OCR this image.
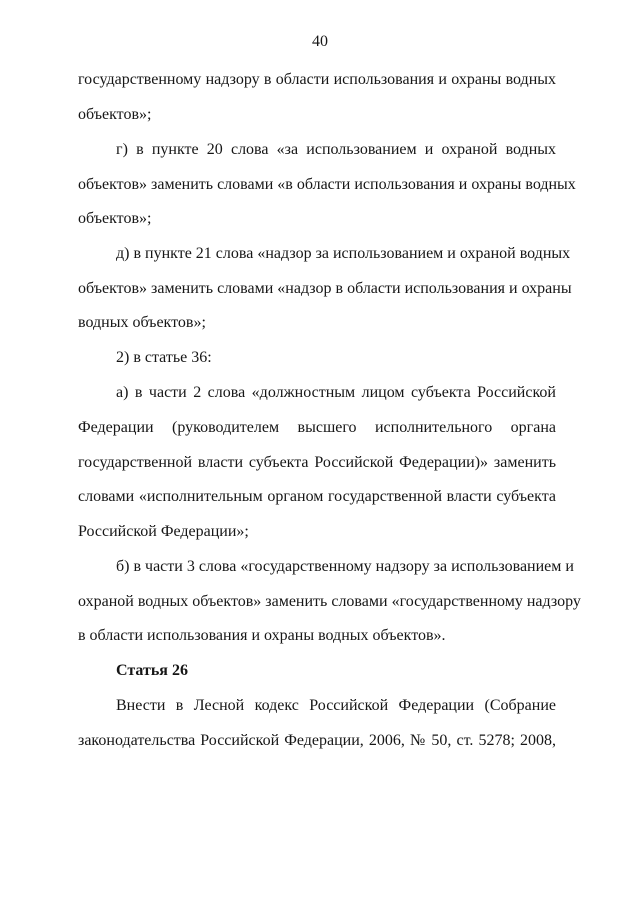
40
государственному надзору в области использования и охраны водных
объектов»;
г) в пункте 20 слова «за использованием и охраной водных
объектов» заменить словами «в области использования и охраны водных
объектов»;
д) в пункте 21 слова «надзор за использованием и охраной водных
объектов» заменить словами «надзор в области использования и охраны
водных объектов»;
2) в статье 36:
а) в части 2 слова «должностным лицом субъекта Российской
Федерации (руководителем высшего исполнительного органа
государственной власти субъекта Российской Федерации)» заменить
словами «исполнительным органом государственной власти субъекта
Российской Федерации»;
б) в части 3 слова «государственному надзору за использованием и
охраной водных объектов» заменить словами «государственному надзору
в области использования и охраны водных объектов».
Статья 26
Внести в Лесной кодекс Российской Федерации (Собрание
законодательства Российской Федерации, 2006, № 50, ст. 5278; 2008,
